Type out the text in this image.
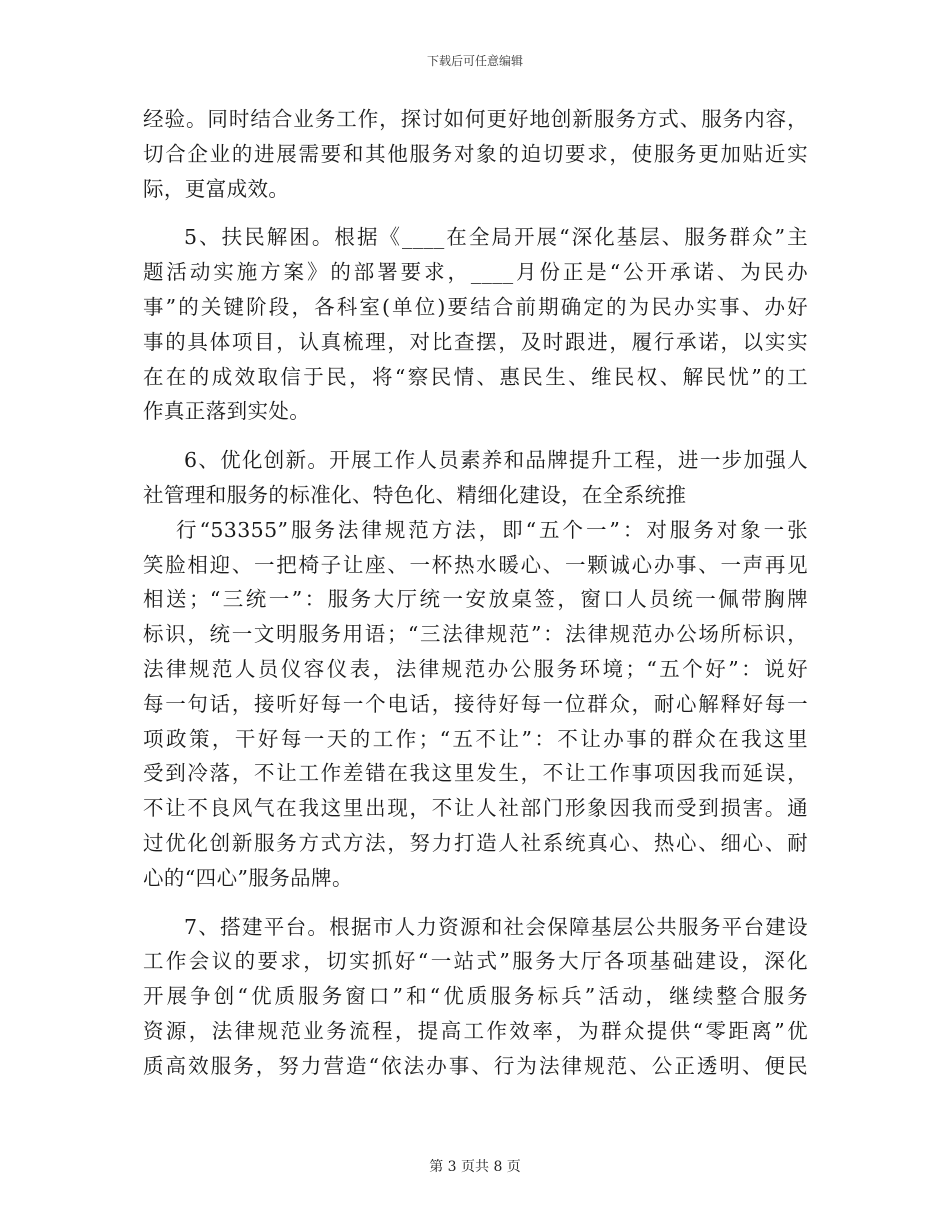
下载后可任意编辑
经验。同时结合业务工作，探讨如何更好地创新服务方式、服务内容，
切合企业的进展需要和其他服务对象的迫切要求，使服务更加贴近实
际，更富成效。
5、扶民解困。根据《____在全局开展“深化基层、服务群众”主
题活动实施方案》的部署要求，____月份正是“公开承诺、为民办
事”的关键阶段，各科室(单位)要结合前期确定的为民办实事、办好
事的具体项目，认真梳理，对比查摆，及时跟进，履行承诺，以实实
在在的成效取信于民，将“察民情、惠民生、维民权、解民忧”的工
作真正落到实处。
6、优化创新。开展工作人员素养和品牌提升工程，进一步加强人
社管理和服务的标准化、特色化、精细化建设，在全系统推
行“53355”服务法律规范方法，即“五个一”：对服务对象一张
笑脸相迎、一把椅子让座、一杯热水暖心、一颗诚心办事、一声再见
相送；“三统一”：服务大厅统一安放桌签，窗口人员统一佩带胸牌
标识，统一文明服务用语；“三法律规范”：法律规范办公场所标识，
法律规范人员仪容仪表，法律规范办公服务环境；“五个好”：说好
每一句话，接听好每一个电话，接待好每一位群众，耐心解释好每一
项政策，干好每一天的工作；“五不让”：不让办事的群众在我这里
受到冷落，不让工作差错在我这里发生，不让工作事项因我而延误，
不让不良风气在我这里出现，不让人社部门形象因我而受到损害。通
过优化创新服务方式方法，努力打造人社系统真心、热心、细心、耐
心的“四心”服务品牌。
7、搭建平台。根据市人力资源和社会保障基层公共服务平台建设
工作会议的要求，切实抓好“一站式”服务大厅各项基础建设，深化
开展争创“优质服务窗口”和“优质服务标兵”活动，继续整合服务
资源，法律规范业务流程，提高工作效率，为群众提供“零距离”优
质高效服务，努力营造“依法办事、行为法律规范、公正透明、便民
第 3 页共 8 页
